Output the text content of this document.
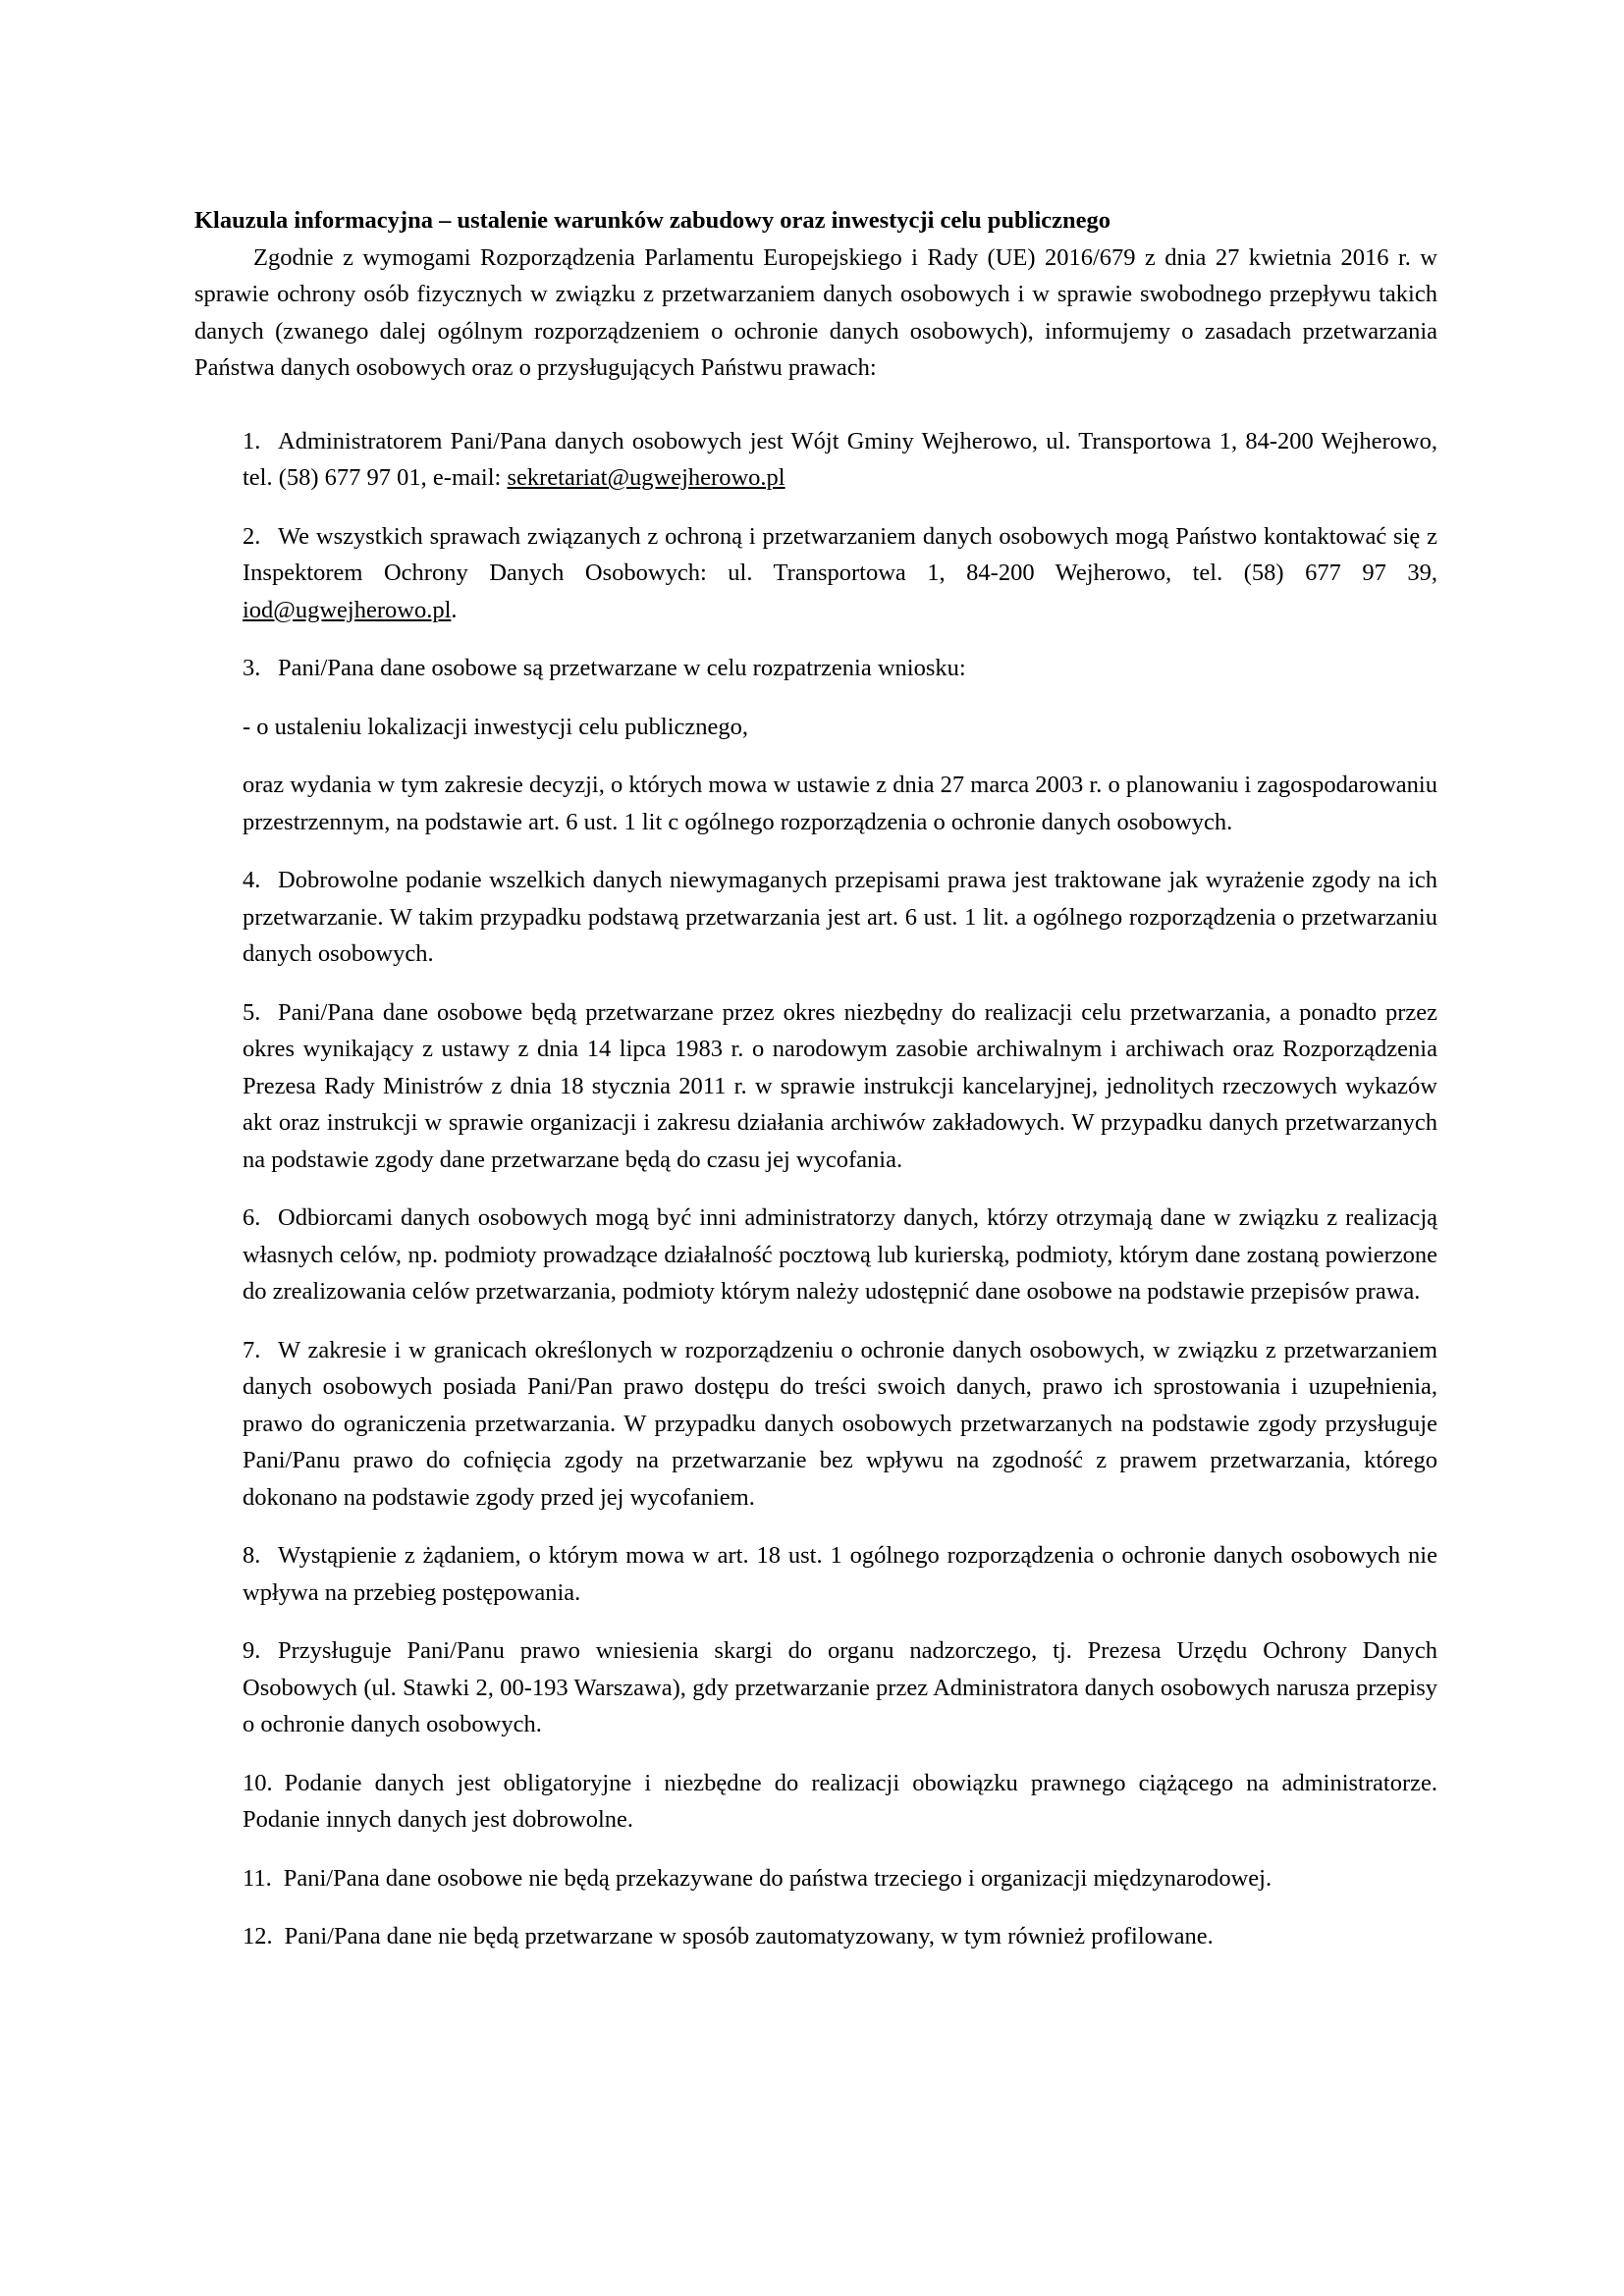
Klauzula informacyjna – ustalenie warunków zabudowy oraz inwestycji celu publicznego

Zgodnie z wymogami Rozporządzenia Parlamentu Europejskiego i Rady (UE) 2016/679 z dnia 27 kwietnia 2016 r. w sprawie ochrony osób fizycznych w związku z przetwarzaniem danych osobowych i w sprawie swobodnego przepływu takich danych (zwanego dalej ogólnym rozporządzeniem o ochronie danych osobowych), informujemy o zasadach przetwarzania Państwa danych osobowych oraz o przysługujących Państwu prawach:

1. Administratorem Pani/Pana danych osobowych jest Wójt Gminy Wejherowo, ul. Transportowa 1, 84-200 Wejherowo, tel. (58) 677 97 01, e-mail: sekretariat@ugwejherowo.pl

2. We wszystkich sprawach związanych z ochroną i przetwarzaniem danych osobowych mogą Państwo kontaktować się z Inspektorem Ochrony Danych Osobowych: ul. Transportowa 1, 84-200 Wejherowo, tel. (58) 677 97 39, iod@ugwejherowo.pl.

3. Pani/Pana dane osobowe są przetwarzane w celu rozpatrzenia wniosku:

- o ustaleniu lokalizacji inwestycji celu publicznego,

oraz wydania w tym zakresie decyzji, o których mowa w ustawie z dnia 27 marca 2003 r. o planowaniu i zagospodarowaniu przestrzennym, na podstawie art. 6 ust. 1 lit c ogólnego rozporządzenia o ochronie danych osobowych.

4. Dobrowolne podanie wszelkich danych niewymaganych przepisami prawa jest traktowane jak wyrażenie zgody na ich przetwarzanie. W takim przypadku podstawą przetwarzania jest art. 6 ust. 1 lit. a ogólnego rozporządzenia o przetwarzaniu danych osobowych.

5. Pani/Pana dane osobowe będą przetwarzane przez okres niezbędny do realizacji celu przetwarzania, a ponadto przez okres wynikający z ustawy z dnia 14 lipca 1983 r. o narodowym zasobie archiwalnym i archiwach oraz Rozporządzenia Prezesa Rady Ministrów z dnia 18 stycznia 2011 r. w sprawie instrukcji kancelaryjnej, jednolitych rzeczowych wykazów akt oraz instrukcji w sprawie organizacji i zakresu działania archiwów zakładowych. W przypadku danych przetwarzanych na podstawie zgody dane przetwarzane będą do czasu jej wycofania.

6. Odbiorcami danych osobowych mogą być inni administratorzy danych, którzy otrzymają dane w związku z realizacją własnych celów, np. podmioty prowadzące działalność pocztową lub kurierską, podmioty, którym dane zostaną powierzone do zrealizowania celów przetwarzania, podmioty którym należy udostępnić dane osobowe na podstawie przepisów prawa.

7. W zakresie i w granicach określonych w rozporządzeniu o ochronie danych osobowych, w związku z przetwarzaniem danych osobowych posiada Pani/Pan prawo dostępu do treści swoich danych, prawo ich sprostowania i uzupełnienia, prawo do ograniczenia przetwarzania. W przypadku danych osobowych przetwarzanych na podstawie zgody przysługuje Pani/Panu prawo do cofnięcia zgody na przetwarzanie bez wpływu na zgodność z prawem przetwarzania, którego dokonano na podstawie zgody przed jej wycofaniem.

8. Wystąpienie z żądaniem, o którym mowa w art. 18 ust. 1 ogólnego rozporządzenia o ochronie danych osobowych nie wpływa na przebieg postępowania.

9. Przysługuje Pani/Panu prawo wniesienia skargi do organu nadzorczego, tj. Prezesa Urzędu Ochrony Danych Osobowych (ul. Stawki 2, 00-193 Warszawa), gdy przetwarzanie przez Administratora danych osobowych narusza przepisy o ochronie danych osobowych.

10. Podanie danych jest obligatoryjne i niezbędne do realizacji obowiązku prawnego ciążącego na administratorze. Podanie innych danych jest dobrowolne.

11. Pani/Pana dane osobowe nie będą przekazywane do państwa trzeciego i organizacji międzynarodowej.

12. Pani/Pana dane nie będą przetwarzane w sposób zautomatyzowany, w tym również profilowane.
